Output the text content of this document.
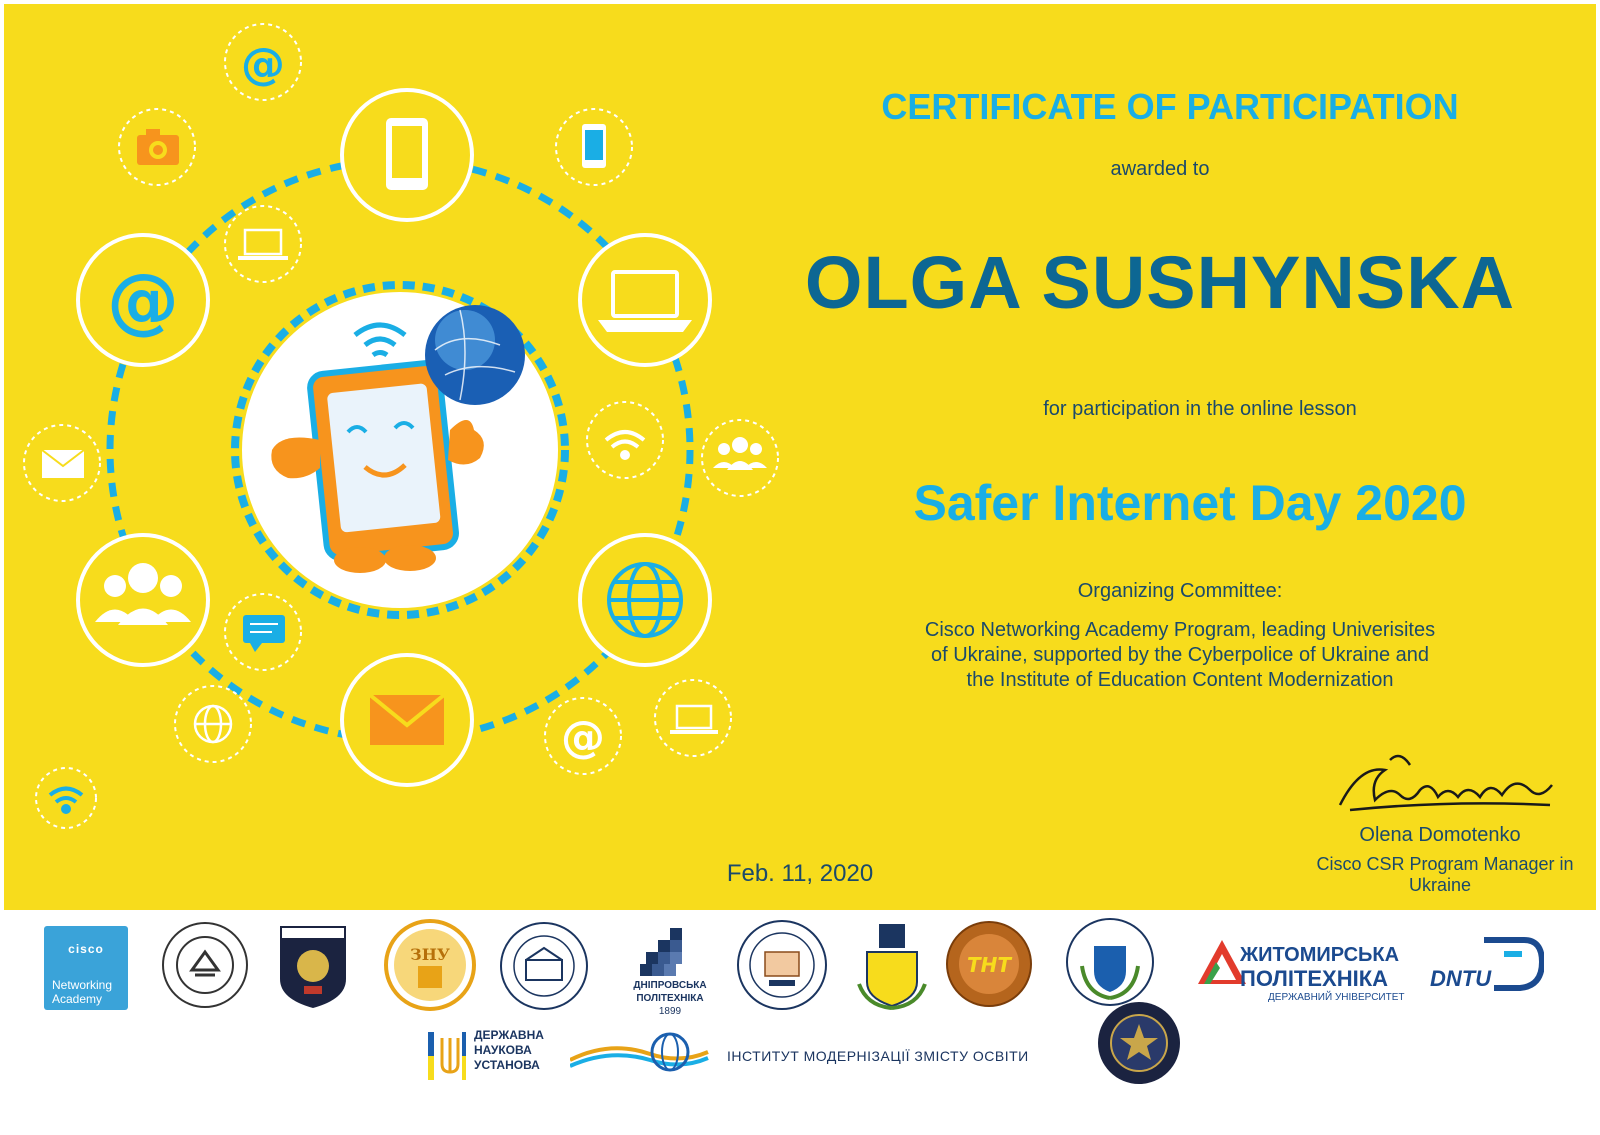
@
@
@
CERTIFICATE OF PARTICIPATION
awarded to
OLGA SUSHYNSKA
for participation in the online lesson
Safer Internet Day 2020
Organizing Committee:
Cisco Networking Academy Program, leading Univerisites
of Ukraine, supported by the Cyberpolice of Ukraine and
the Institute of Education Content Modernization
Feb. 11, 2020
Olena Domotenko
Cisco CSR Program Manager in
Ukraine
cisco
Networking
Academy
ЗНУ
ДНІПРОВСЬКА
ПОЛІТЕХНІКА
1899
ТНТ	ЖИТОМИРСЬКА
ПОЛІТЕХНІКА
ДЕРЖАВНИЙ УНІВЕРСИТЕТ
DNTU
ДЕРЖАВНА
НАУКОВА
УСТАНОВА
ІНСТИТУТ МОДЕРНІЗАЦІЇ ЗМІСТУ ОСВІТИ
